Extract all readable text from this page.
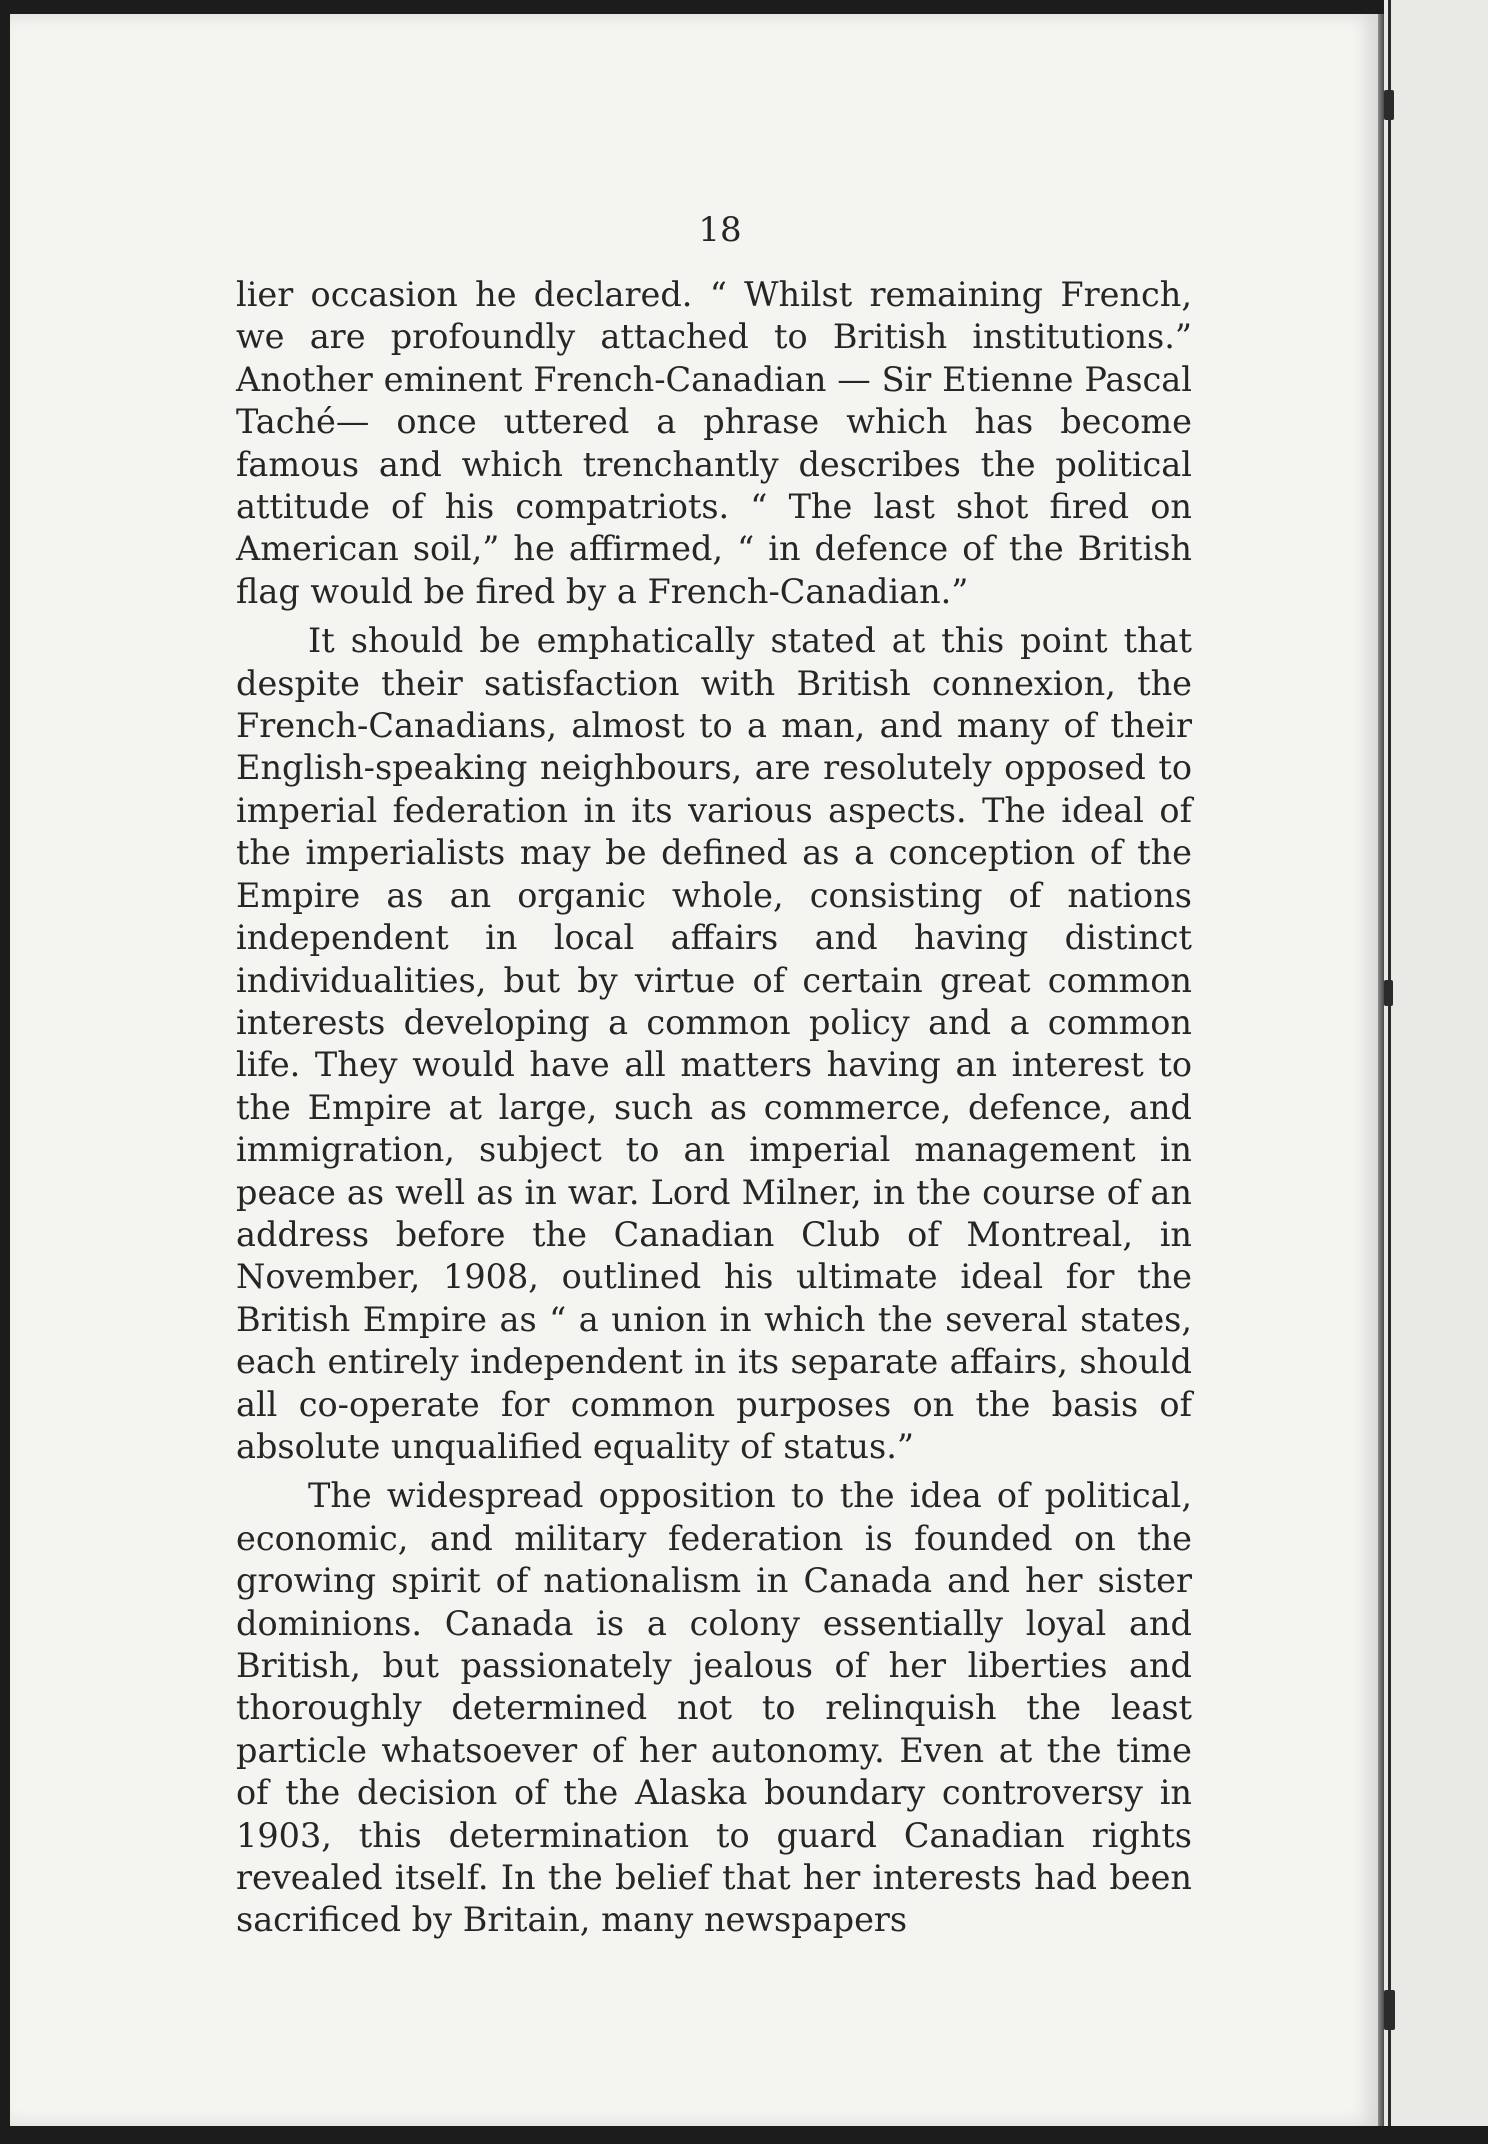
18

lier occasion he declared. “ Whilst remaining French, we are profoundly attached to British institutions.” Another eminent French-Canadian — Sir Etienne Pascal Taché— once uttered a phrase which has become famous and which trenchantly describes the political attitude of his compatriots. “ The last shot fired on American soil,” he affirmed, “ in defence of the British flag would be fired by a French-Canadian.”

It should be emphatically stated at this point that despite their satisfaction with British connexion, the French-Canadians, almost to a man, and many of their English-speaking neighbours, are resolutely opposed to imperial federation in its various aspects. The ideal of the imperialists may be defined as a conception of the Empire as an organic whole, consisting of nations independent in local affairs and having distinct individualities, but by virtue of certain great common interests developing a common policy and a common life. They would have all matters having an interest to the Empire at large, such as commerce, defence, and immigration, subject to an imperial management in peace as well as in war. Lord Milner, in the course of an address before the Canadian Club of Montreal, in November, 1908, outlined his ultimate ideal for the British Empire as “ a union in which the several states, each entirely independent in its separate affairs, should all co-operate for common purposes on the basis of absolute unqualified equality of status.”

The widespread opposition to the idea of political, economic, and military federation is founded on the growing spirit of nationalism in Canada and her sister dominions. Canada is a colony essentially loyal and British, but passionately jealous of her liberties and thoroughly determined not to relinquish the least particle whatsoever of her autonomy. Even at the time of the decision of the Alaska boundary controversy in 1903, this determination to guard Canadian rights revealed itself. In the belief that her interests had been sacrificed by Britain, many newspapers
